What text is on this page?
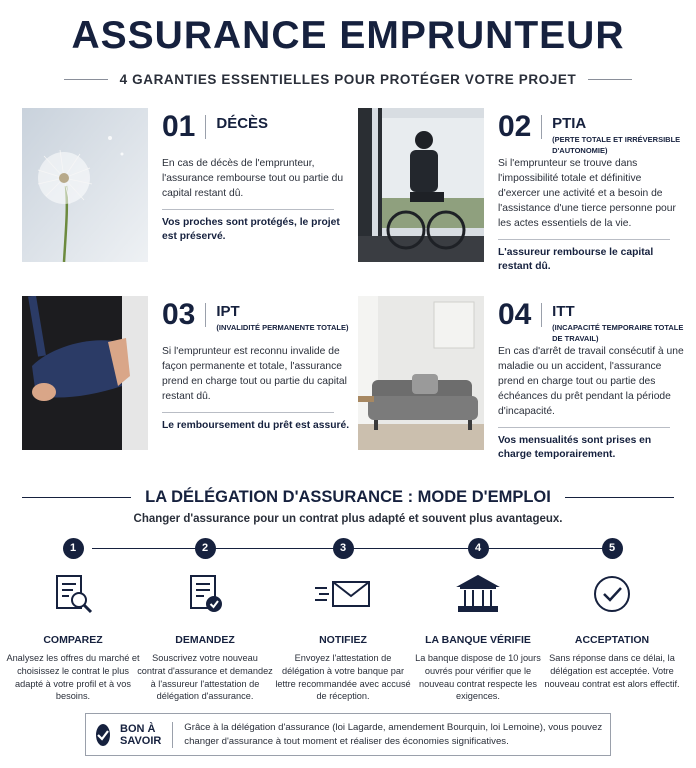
ASSURANCE EMPRUNTEUR
4 GARANTIES ESSENTIELLES POUR PROTÉGER VOTRE PROJET
01 DÉCÈS
En cas de décès de l'emprunteur, l'assurance rembourse tout ou partie du capital restant dû.
Vos proches sont protégés, le projet est préservé.
02 PTIA
(PERTE TOTALE ET IRRÉVERSIBLE D'AUTONOMIE)
Si l'emprunteur se trouve dans l'impossibilité totale et définitive d'exercer une activité et a besoin de l'assistance d'une tierce personne pour les actes essentiels de la vie.
L'assureur rembourse le capital restant dû.
03 IPT
(INVALIDITÉ PERMANENTE TOTALE)
Si l'emprunteur est reconnu invalide de façon permanente et totale, l'assurance prend en charge tout ou partie du capital restant dû.
Le remboursement du prêt est assuré.
04 ITT
(INCAPACITÉ TEMPORAIRE TOTALE DE TRAVAIL)
En cas d'arrêt de travail consécutif à une maladie ou un accident, l'assurance prend en charge tout ou partie des échéances du prêt pendant la période d'incapacité.
Vos mensualités sont prises en charge temporairement.
LA DÉLÉGATION D'ASSURANCE : MODE D'EMPLOI
Changer d'assurance pour un contrat plus adapté et souvent plus avantageux.
1
COMPAREZ
Analysez les offres du marché et choisissez le contrat le plus adapté à votre profil et à vos besoins.
2
DEMANDEZ
Souscrivez votre nouveau contrat d'assurance et demandez à l'assureur l'attestation de délégation d'assurance.
3
NOTIFIEZ
Envoyez l'attestation de délégation à votre banque par lettre recommandée avec accusé de réception.
4
LA BANQUE VÉRIFIE
La banque dispose de 10 jours ouvrés pour vérifier que le nouveau contrat respecte les exigences.
5
ACCEPTATION
Sans réponse dans ce délai, la délégation est acceptée. Votre nouveau contrat est alors effectif.
BON À SAVOIR
Grâce à la délégation d'assurance (loi Lagarde, amendement Bourquin, loi Lemoine), vous pouvez changer d'assurance à tout moment et réaliser des économies significatives.
